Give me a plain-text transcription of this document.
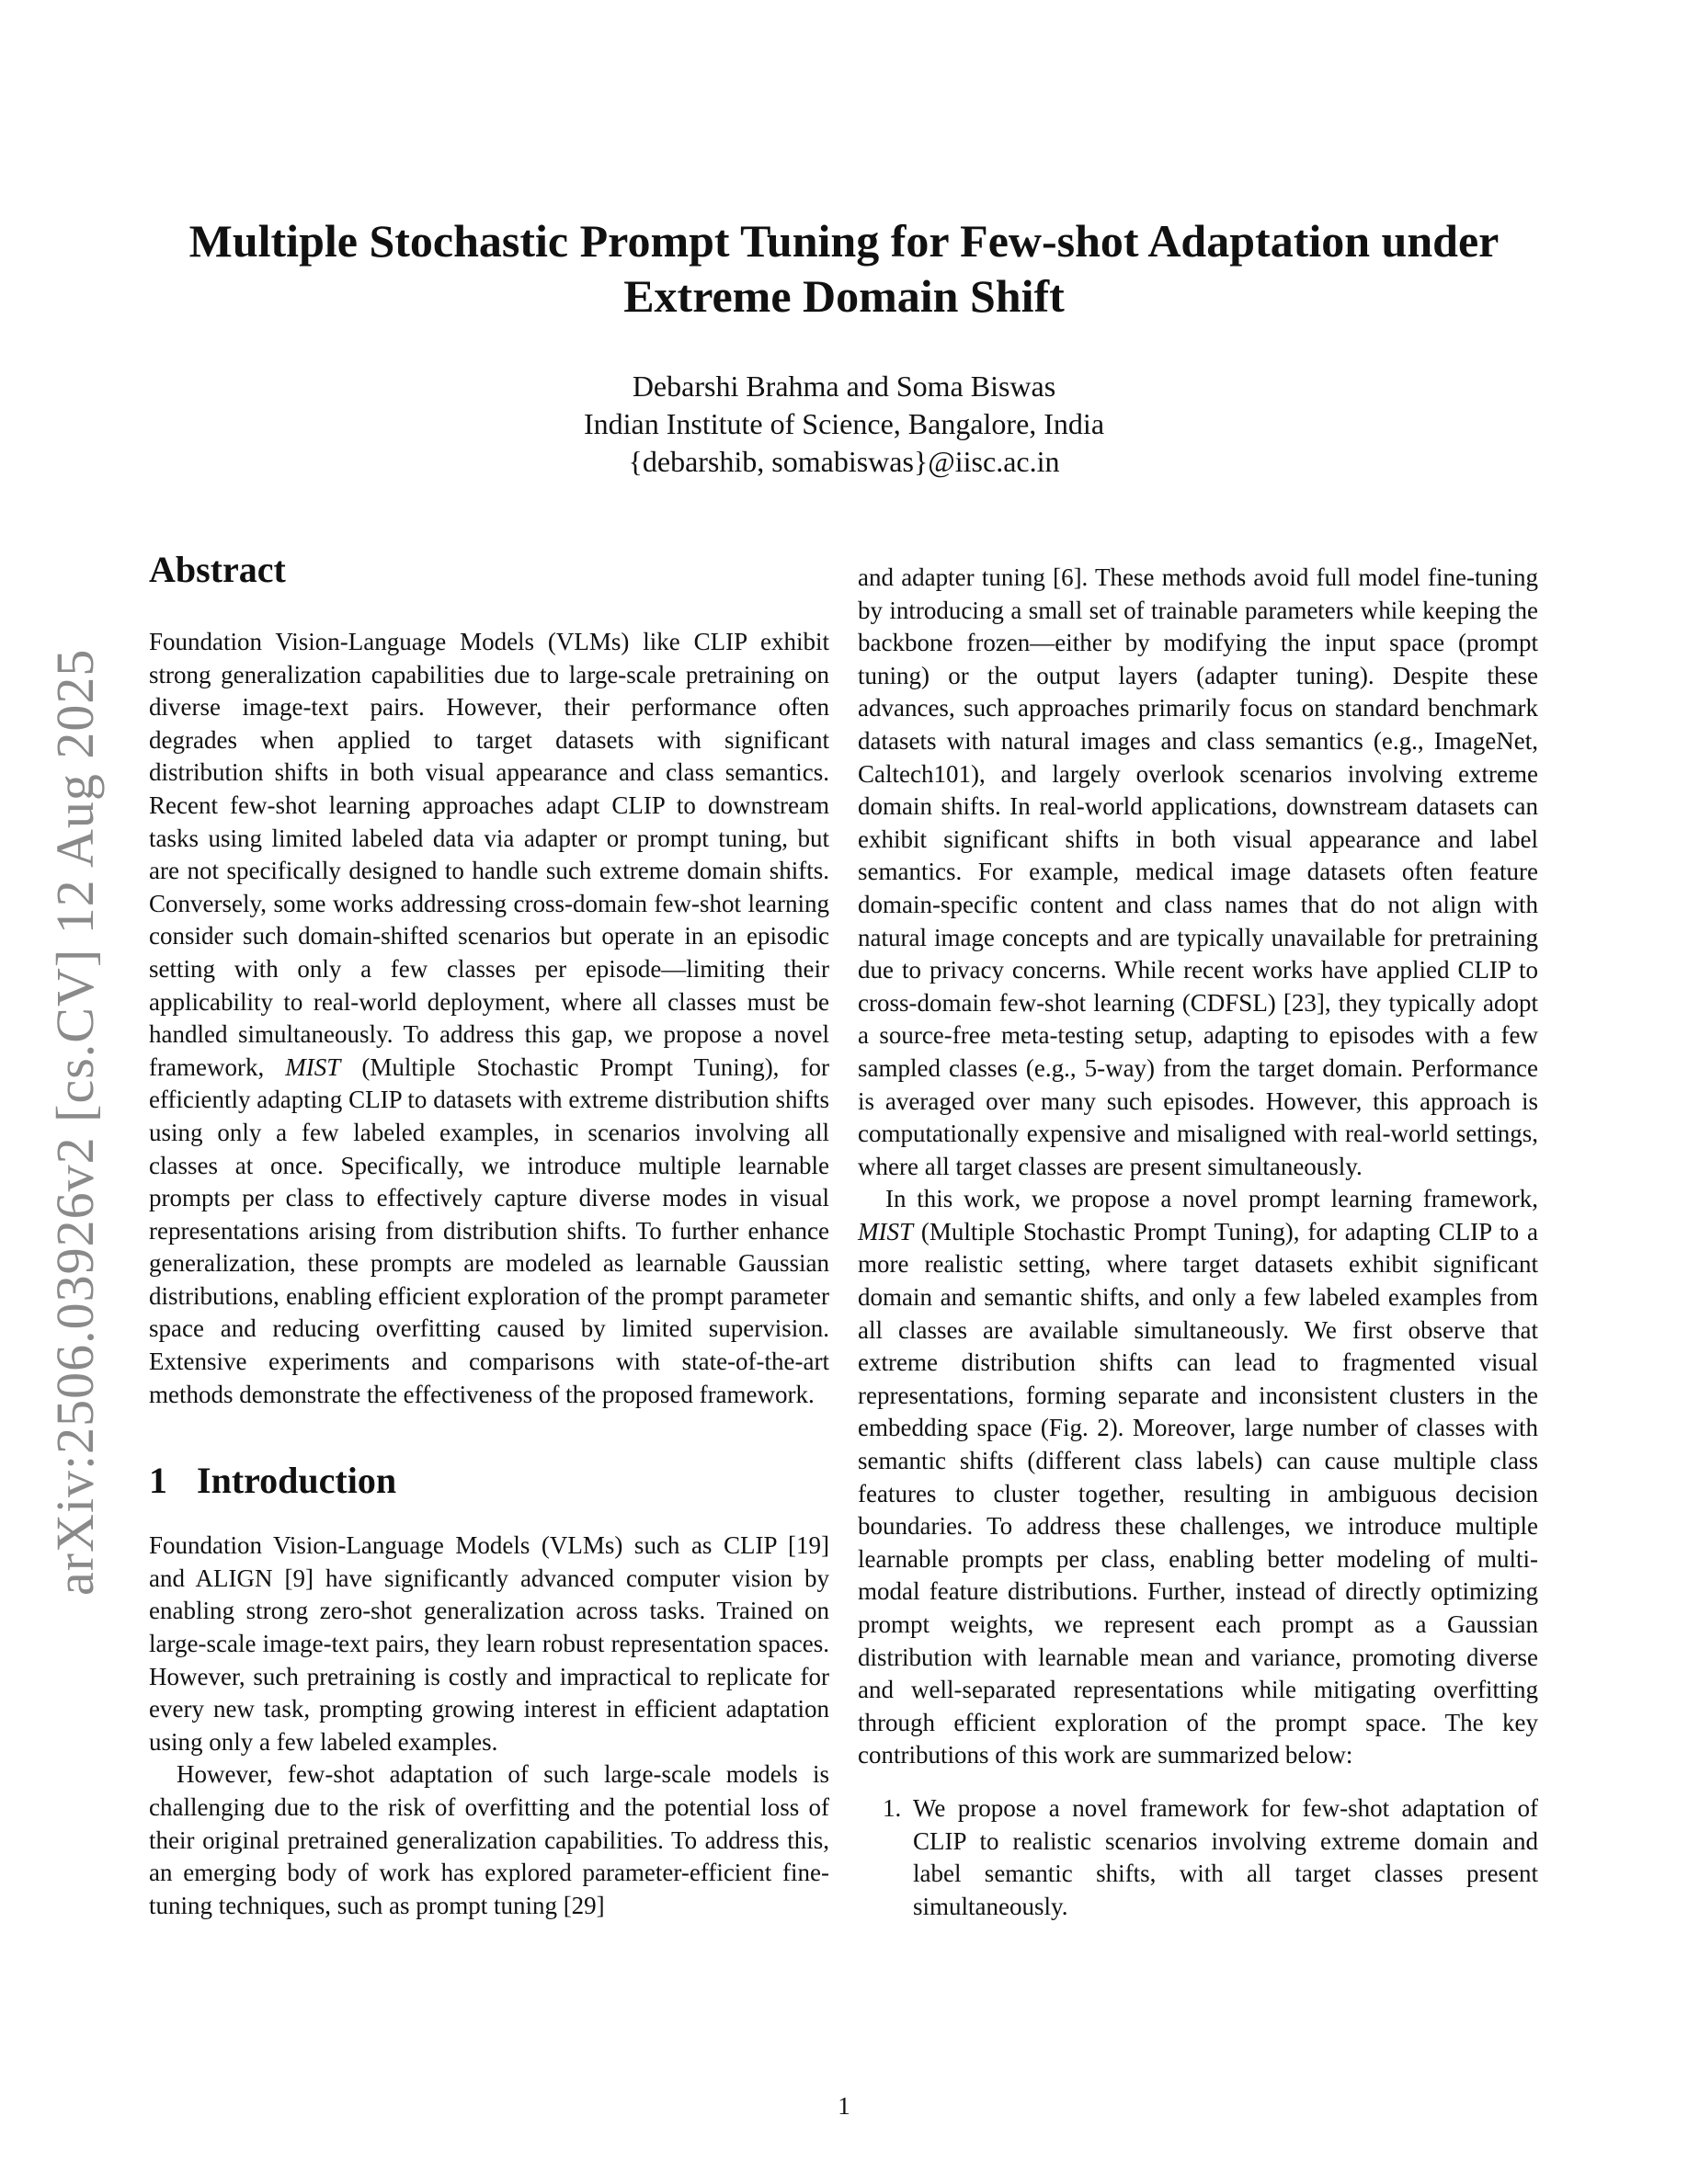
arXiv:2506.03926v2 [cs.CV] 12 Aug 2025
Multiple Stochastic Prompt Tuning for Few-shot Adaptation under
Extreme Domain Shift
Debarshi Brahma and Soma Biswas
Indian Institute of Science, Bangalore, India
{debarshib, somabiswas}@iisc.ac.in
Abstract

Foundation Vision-Language Models (VLMs) like CLIP exhibit strong generalization capabilities due to large-scale pretraining on diverse image-text pairs. However, their performance often degrades when applied to target datasets with significant distribution shifts in both visual appearance and class semantics. Recent few-shot learning approaches adapt CLIP to downstream tasks using limited labeled data via adapter or prompt tuning, but are not specifically designed to handle such extreme domain shifts. Conversely, some works addressing cross-domain few-shot learning consider such domain-shifted scenarios but operate in an episodic setting with only a few classes per episode—limiting their applicability to real-world deployment, where all classes must be handled simultaneously. To address this gap, we propose a novel framework, MIST (Multiple Stochastic Prompt Tuning), for efficiently adapting CLIP to datasets with extreme distribution shifts using only a few labeled examples, in scenarios involving all classes at once. Specifically, we introduce multiple learnable prompts per class to effectively capture diverse modes in visual representations arising from distribution shifts. To further enhance generalization, these prompts are modeled as learnable Gaussian distributions, enabling efficient exploration of the prompt parameter space and reducing overfitting caused by limited supervision. Extensive experiments and comparisons with state-of-the-art methods demonstrate the effectiveness of the proposed framework.

1 Introduction

Foundation Vision-Language Models (VLMs) such as CLIP [19] and ALIGN [9] have significantly advanced computer vision by enabling strong zero-shot generalization across tasks. Trained on large-scale image-text pairs, they learn robust representation spaces. However, such pretraining is costly and impractical to replicate for every new task, prompting growing interest in efficient adaptation using only a few labeled examples.

However, few-shot adaptation of such large-scale models is challenging due to the risk of overfitting and the potential loss of their original pretrained generalization capabilities. To address this, an emerging body of work has explored parameter-efficient fine-tuning techniques, such as prompt tuning [29]

and adapter tuning [6]. These methods avoid full model fine-tuning by introducing a small set of trainable parameters while keeping the backbone frozen—either by modifying the input space (prompt tuning) or the output layers (adapter tuning). Despite these advances, such approaches primarily focus on standard benchmark datasets with natural images and class semantics (e.g., ImageNet, Caltech101), and largely overlook scenarios involving extreme domain shifts. In real-world applications, downstream datasets can exhibit significant shifts in both visual appearance and label semantics. For example, medical image datasets often feature domain-specific content and class names that do not align with natural image concepts and are typically unavailable for pretraining due to privacy concerns. While recent works have applied CLIP to cross-domain few-shot learning (CDFSL) [23], they typically adopt a source-free meta-testing setup, adapting to episodes with a few sampled classes (e.g., 5-way) from the target domain. Performance is averaged over many such episodes. However, this approach is computationally expensive and misaligned with real-world settings, where all target classes are present simultaneously.

In this work, we propose a novel prompt learning framework, MIST (Multiple Stochastic Prompt Tuning), for adapting CLIP to a more realistic setting, where target datasets exhibit significant domain and semantic shifts, and only a few labeled examples from all classes are available simultaneously. We first observe that extreme distribution shifts can lead to fragmented visual representations, forming separate and inconsistent clusters in the embedding space (Fig. 2). Moreover, large number of classes with semantic shifts (different class labels) can cause multiple class features to cluster together, resulting in ambiguous decision boundaries. To address these challenges, we introduce multiple learnable prompts per class, enabling better modeling of multi-modal feature distributions. Further, instead of directly optimizing prompt weights, we represent each prompt as a Gaussian distribution with learnable mean and variance, promoting diverse and well-separated representations while mitigating overfitting through efficient exploration of the prompt space. The key contributions of this work are summarized below:

1. We propose a novel framework for few-shot adaptation of CLIP to realistic scenarios involving extreme domain and label semantic shifts, with all target classes present simultaneously.

1
